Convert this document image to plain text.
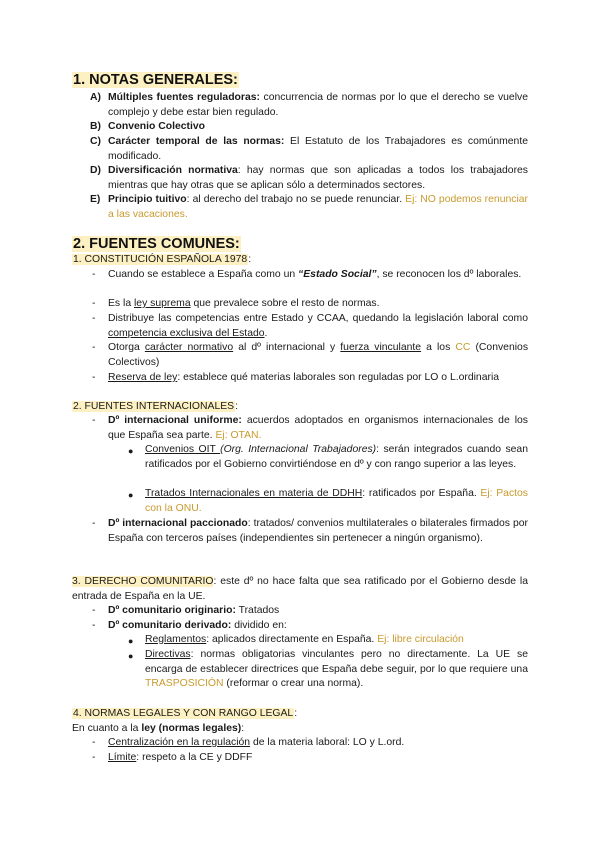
1. NOTAS GENERALES:
A) Múltiples fuentes reguladoras: concurrencia de normas por lo que el derecho se vuelve complejo y debe estar bien regulado.
B) Convenio Colectivo
C) Carácter temporal de las normas: El Estatuto de los Trabajadores es comúnmente modificado.
D) Diversificación normativa: hay normas que son aplicadas a todos los trabajadores mientras que hay otras que se aplican sólo a determinados sectores.
E) Principio tuitivo: al derecho del trabajo no se puede renunciar. Ej: NO podemos renunciar a las vacaciones.
2. FUENTES COMUNES:
1. CONSTITUCIÓN ESPAÑOLA 1978:
- Cuando se establece a España como un “Estado Social”, se reconocen los dº laborales.
- Es la ley suprema que prevalece sobre el resto de normas.
- Distribuye las competencias entre Estado y CCAA, quedando la legislación laboral como competencia exclusiva del Estado.
- Otorga carácter normativo al dº internacional y fuerza vinculante a los CC (Convenios Colectivos)
- Reserva de ley: establece qué materias laborales son reguladas por LO o L.ordinaria
2. FUENTES INTERNACIONALES:
- Dº internacional uniforme: acuerdos adoptados en organismos internacionales de los que España sea parte. Ej: OTAN.
● Convenios OIT (Org. Internacional Trabajadores): serán integrados cuando sean ratificados por el Gobierno convirtiéndose en dº y con rango superior a las leyes.
● Tratados Internacionales en materia de DDHH: ratificados por España. Ej: Pactos con la ONU.
- Dº internacional paccionado: tratados/ convenios multilaterales o bilaterales firmados por España con terceros países (independientes sin pertenecer a ningún organismo).
3. DERECHO COMUNITARIO: este dº no hace falta que sea ratificado por el Gobierno desde la entrada de España en la UE.
- Dº comunitario originario: Tratados
- Dº comunitario derivado: dividido en:
● Reglamentos: aplicados directamente en España. Ej: libre circulación
● Directivas: normas obligatorias vinculantes pero no directamente. La UE se encarga de establecer directrices que España debe seguir, por lo que requiere una TRASPOSICIÓN (reformar o crear una norma).
4. NORMAS LEGALES Y CON RANGO LEGAL:
En cuanto a la ley (normas legales):
- Centralización en la regulación de la materia laboral: LO y L.ord.
- Límite: respeto a la CE y DDFF
